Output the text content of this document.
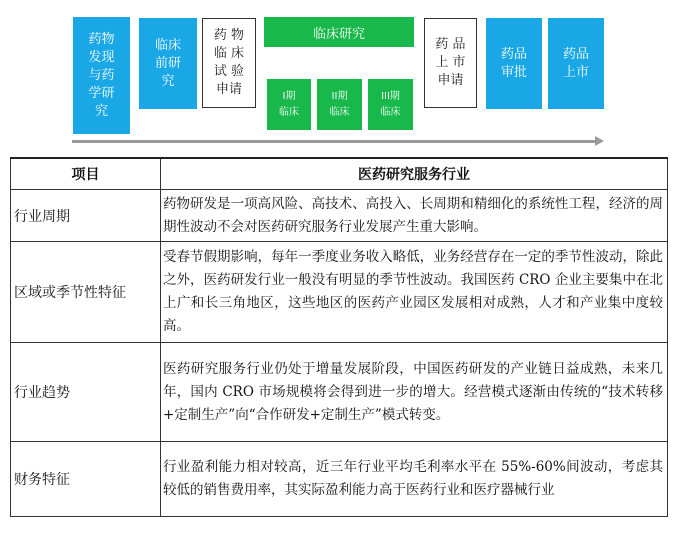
药物
发现
与药
学研
究
临床
前研
究
药 物
临 床
试 验
申请
临床研究
I期
临床
II期
临床
III期
临床
药 品
上 市
申请
药品
审批
药品
上市
项目	医药研究服务行业
行业周期	药物研发是一项高风险、高技术、高投入、长周期和精细化的系统性工程，经济的周期性波动不会对医药研究服务行业发展产生重大影响。
区域或季节性特征	受春节假期影响，每年一季度业务收入略低，业务经营存在一定的季节性波动，除此之外，医药研发行业一般没有明显的季节性波动。我国医药 CRO 企业主要集中在北上广和长三角地区，这些地区的医药产业园区发展相对成熟，人才和产业集中度较高。
行业趋势	医药研究服务行业仍处于增量发展阶段，中国医药研发的产业链日益成熟，未来几年，国内 CRO 市场规模将会得到进一步的增大。经营模式逐渐由传统的“技术转移+定制生产”向“合作研发+定制生产”模式转变。
财务特征	行业盈利能力相对较高，近三年行业平均毛利率水平在 55%-60%间波动，考虑其较低的销售费用率，其实际盈利能力高于医药行业和医疗器械行业
